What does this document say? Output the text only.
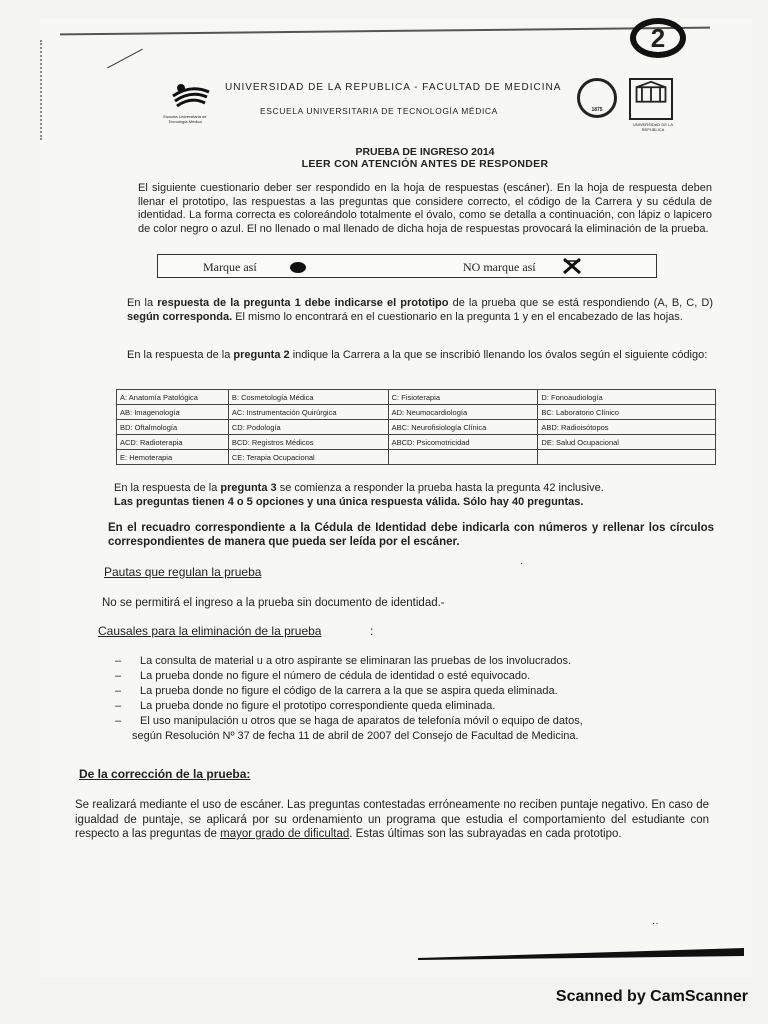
2
Escuela Universitaria de Tecnología Médica
UNIVERSIDAD DE LA REPUBLICA - FACULTAD DE MEDICINA
ESCUELA UNIVERSITARIA DE TECNOLOGÍA MÉDICA	1875
UNIVERSIDAD DE LA REPUBLICA
PRUEBA DE INGRESO 2014
LEER CON ATENCIÓN ANTES DE RESPONDER
El siguiente cuestionario deber ser respondido en la hoja de respuestas (escáner). En la hoja de respuesta deben llenar el prototipo, las respuestas a las preguntas que considere correcto, el código de la Carrera y su cédula de identidad. La forma correcta es coloreándolo totalmente el óvalo, como se detalla a continuación, con lápiz o lapicero de color negro o azul. El no llenado o mal llenado de dicha hoja de respuestas provocará la eliminación de la prueba.
Marque así	NO marque así
En la respuesta de la pregunta 1 debe indicarse el prototipo de la prueba que se está respondiendo (A, B, C, D) según corresponda. El mismo lo encontrará en el cuestionario en la pregunta 1 y en el encabezado de las hojas.
En la respuesta de la pregunta 2 indique la Carrera a la que se inscribió llenando los óvalos según el siguiente código:
A: Anatomía Patológica	B: Cosmetología Médica	C: Fisioterapia	D: Fonoaudiología
AB: Imagenología	AC: Instrumentación Quirúrgica	AD: Neumocardiología	BC: Laboratorio Clínico
BD: Oftalmología	CD: Podología	ABC: Neurofisiología Clínica	ABD: Radioisótopos
ACD: Radioterapia	BCD: Registros Médicos	ABCD: Psicomotricidad	DE: Salud Ocupacional
E: Hemoterapia	CE: Terapia Ocupacional		
En la respuesta de la pregunta 3 se comienza a responder la prueba hasta la pregunta 42 inclusive.
Las preguntas tienen 4 o 5 opciones y una única respuesta válida. Sólo hay 40 preguntas.
En el recuadro correspondiente a la Cédula de Identidad debe indicarla con números y rellenar los círculos correspondientes de manera que pueda ser leída por el escáner.
Pautas que regulan la prueba
No se permitirá el ingreso a la prueba sin documento de identidad.-
Causales para la eliminación de la prueba	:
– La consulta de material u a otro aspirante se eliminaran las pruebas de los involucrados.
– La prueba donde no figure el número de cédula de identidad o esté equivocado.
– La prueba donde no figure el código de la carrera a la que se aspira queda eliminada.
– La prueba donde no figure el prototipo correspondiente queda eliminada.
– El uso manipulación u otros que se haga de aparatos de telefonía móvil o equipo de datos,
según Resolución Nº 37 de fecha 11 de abril de 2007 del Consejo de Facultad de Medicina.
De la corrección de la prueba:
Se realizará mediante el uso de escáner. Las preguntas contestadas erróneamente no reciben puntaje negativo. En caso de igualdad de puntaje, se aplicará por su ordenamiento un programa que estudia el comportamiento del estudiante con respecto a las preguntas de mayor grado de dificultad. Estas últimas son las subrayadas en cada prototipo.
·
··
Scanned by CamScanner
